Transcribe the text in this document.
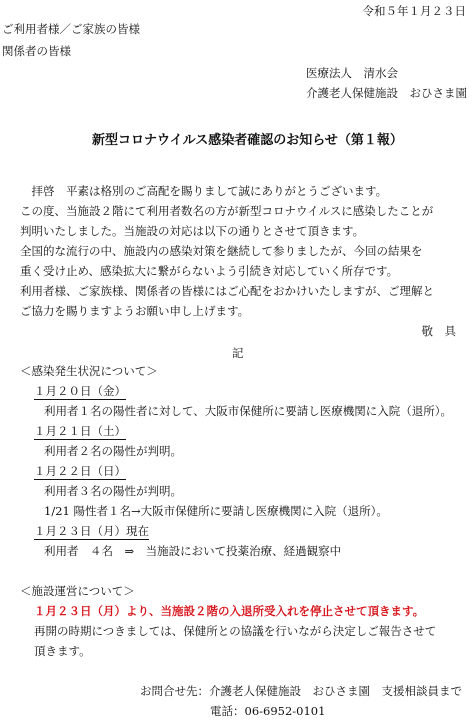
令和５年１月２３日
ご利用者様／ご家族の皆様
関係者の皆様
医療法人　清水会
介護老人保健施設　おひさま園
新型コロナウイルス感染者確認のお知らせ（第１報）
　拝啓　平素は格別のご高配を賜りまして誠にありがとうございます。
この度、当施設２階にて利用者数名の方が新型コロナウイルスに感染したことが
判明いたしました。当施設の対応は以下の通りとさせて頂きます。
全国的な流行の中、施設内の感染対策を継続して参りましたが、今回の結果を
重く受け止め、感染拡大に繋がらないよう引続き対応していく所存です。
利用者様、ご家族様、関係者の皆様にはご心配をおかけいたしますが、ご理解と
ご協力を賜りますようお願い申し上げます。
敬　具
記
＜感染発生状況について＞
１月２０日（金）
利用者１名の陽性者に対して、大阪市保健所に要請し医療機関に入院（退所）。
１月２１日（土）
利用者２名の陽性が判明。
１月２２日（日）
利用者３名の陽性が判明。
1/21 陽性者１名→大阪市保健所に要請し医療機関に入院（退所）。
１月２３日（月）現在
利用者　４名　⇒　当施設において投薬治療、経過観察中
＜施設運営について＞
１月２３日（月）より、当施設２階の入退所受入れを停止させて頂きます。
再開の時期につきましては、保健所との協議を行いながら決定しご報告させて
頂きます。
お問合せ先：介護老人保健施設　おひさま園　支援相談員まで
電話：06-6952-0101
